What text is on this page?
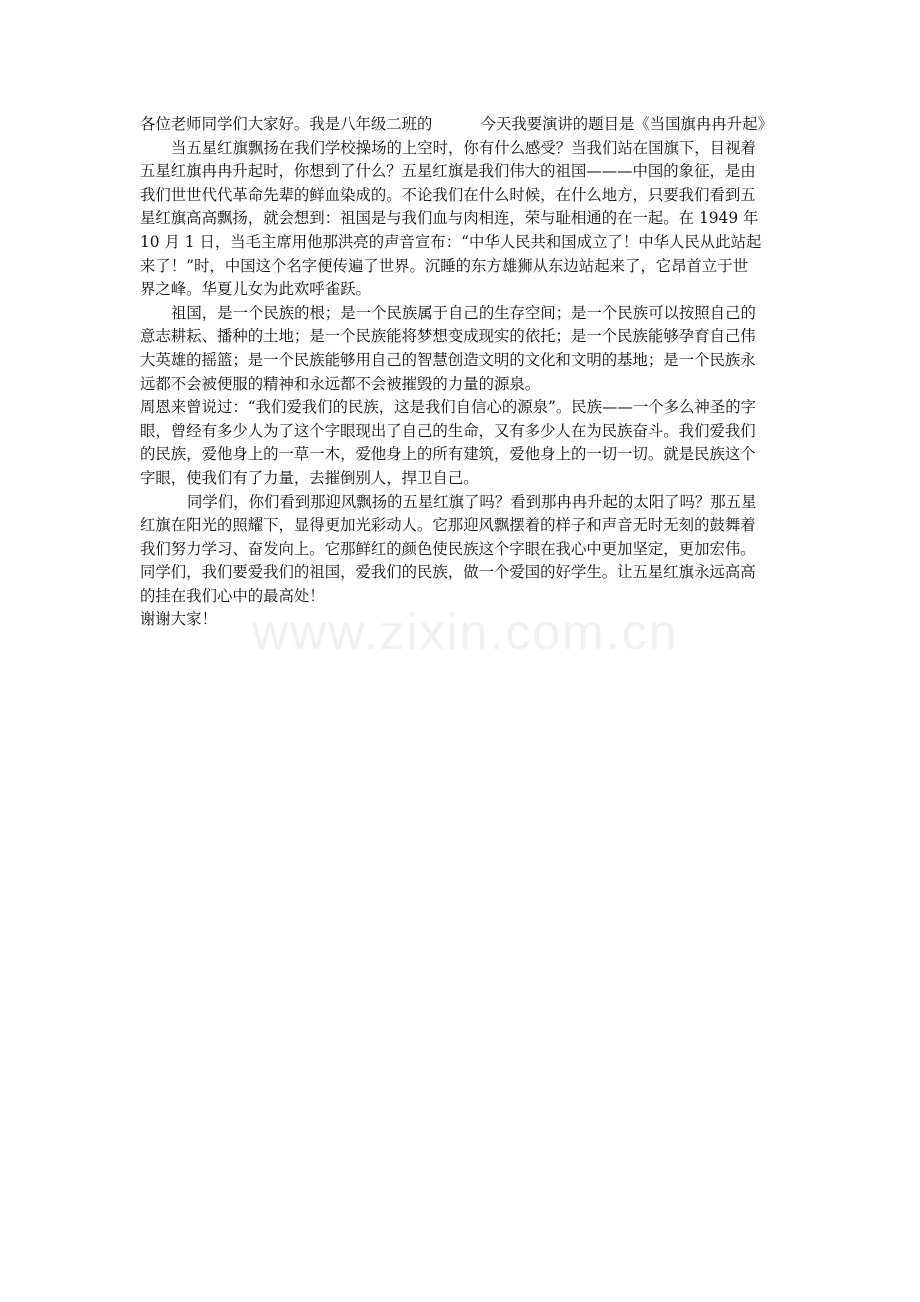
各位老师同学们大家好。我是八年级二班的	今天我要演讲的题目是《当国旗冉冉升起》
当五星红旗飘扬在我们学校操场的上空时，你有什么感受？当我们站在国旗下，目视着
五星红旗冉冉升起时，你想到了什么？五星红旗是我们伟大的祖国———中国的象征，是由
我们世世代代革命先辈的鲜血染成的。不论我们在什么时候，在什么地方，只要我们看到五
星红旗高高飘扬，就会想到：祖国是与我们血与肉相连，荣与耻相通的在一起。在 1949 年
10 月 1 日，当毛主席用他那洪亮的声音宣布：“中华人民共和国成立了！中华人民从此站起
来了！”时，中国这个名字便传遍了世界。沉睡的东方雄狮从东边站起来了，它昂首立于世
界之峰。华夏儿女为此欢呼雀跃。
祖国，是一个民族的根；是一个民族属于自己的生存空间；是一个民族可以按照自己的
意志耕耘、播种的土地；是一个民族能将梦想变成现实的依托；是一个民族能够孕育自己伟
大英雄的摇篮；是一个民族能够用自己的智慧创造文明的文化和文明的基地；是一个民族永
远都不会被便服的精神和永远都不会被摧毁的力量的源泉。
周恩来曾说过：“我们爱我们的民族，这是我们自信心的源泉”。民族——一个多么神圣的字
眼，曾经有多少人为了这个字眼现出了自己的生命，又有多少人在为民族奋斗。我们爱我们
的民族，爱他身上的一草一木，爱他身上的所有建筑，爱他身上的一切一切。就是民族这个
字眼，使我们有了力量，去摧倒别人，捍卫自己。
同学们，你们看到那迎风飘扬的五星红旗了吗？看到那冉冉升起的太阳了吗？那五星
红旗在阳光的照耀下，显得更加光彩动人。它那迎风飘摆着的样子和声音无时无刻的鼓舞着
我们努力学习、奋发向上。它那鲜红的颜色使民族这个字眼在我心中更加坚定，更加宏伟。
同学们，我们要爱我们的祖国，爱我们的民族，做一个爱国的好学生。让五星红旗永远高高
的挂在我们心中的最高处！
谢谢大家！ www.zixin.com.cn
